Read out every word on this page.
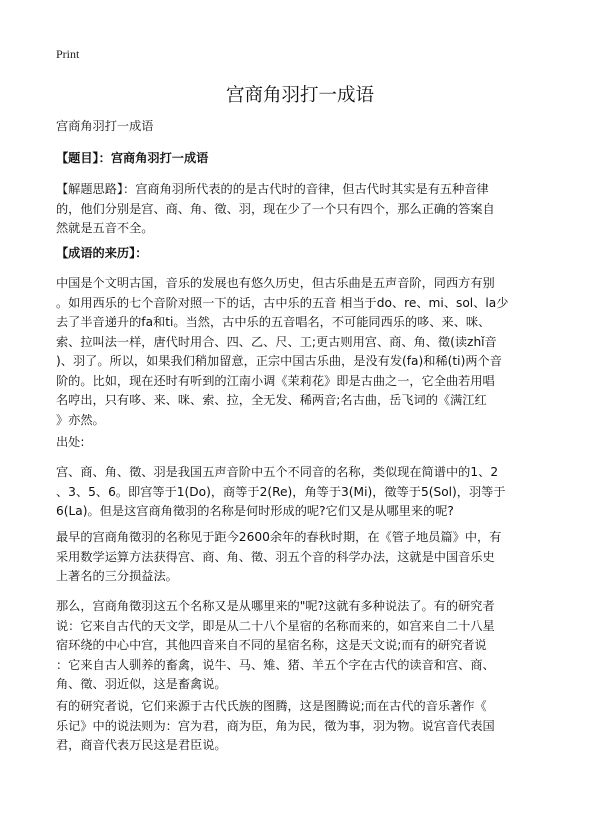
Print
宫商角羽打一成语
宫商角羽打一成语
【题目】：宫商角羽打一成语
【解题思路】：宫商角羽所代表的的是古代时的音律，但古代时其实是有五种音律
的，他们分别是宫、商、角、徵、羽，现在少了一个只有四个，那么正确的答案自
然就是五音不全。
【成语的来历】：
中国是个文明古国，音乐的发展也有悠久历史，但古乐曲是五声音阶，同西方有别
。如用西乐的七个音阶对照一下的话，古中乐的五音 相当于do、re、mi、sol、la少
去了半音递升的fa和ti。当然，古中乐的五音唱名，不可能同西乐的哆、来、咪、
索、拉叫法一样，唐代时用合、四、乙、尺、工;更古则用宫、商、角、徵(读zhǐ音
)、羽了。所以，如果我们稍加留意，正宗中国古乐曲，是没有发(fa)和稀(ti)两个音
阶的。比如，现在还时有听到的江南小调《茉莉花》即是古曲之一，它全曲若用唱
名哼出，只有哆、来、咪、索、拉，全无发、稀两音;名古曲，岳飞词的《满江红
》亦然。
出处:
宫、商、角、徵、羽是我国五声音阶中五个不同音的名称，类似现在简谱中的1、2
、3、5、6。即宫等于1(Do)，商等于2(Re)，角等于3(Mi)，徵等于5(Sol)，羽等于
6(La)。但是这宫商角徵羽的名称是何时形成的呢?它们又是从哪里来的呢?
最早的宫商角徵羽的名称见于距今2600余年的春秋时期，在《管子地员篇》中，有
采用数学运算方法获得宫、商、角、徵、羽五个音的科学办法，这就是中国音乐史
上著名的三分损益法。
那么，宫商角徵羽这五个名称又是从哪里来的"呢?这就有多种说法了。有的研究者
说：它来自古代的天文学，即是从二十八个星宿的名称而来的，如宫来自二十八星
宿环绕的中心中宫，其他四音来自不同的星宿名称，这是天文说;而有的研究者说
：它来自古人驯养的畜禽，说牛、马、雉、猪、羊五个字在古代的读音和宫、商、
角、徵、羽近似，这是畜禽说。
有的研究者说，它们来源于古代氏族的图腾，这是图腾说;而在古代的音乐著作《
乐记》中的说法则为：宫为君，商为臣，角为民，徵为事，羽为物。说宫音代表国
君，商音代表万民这是君臣说。
